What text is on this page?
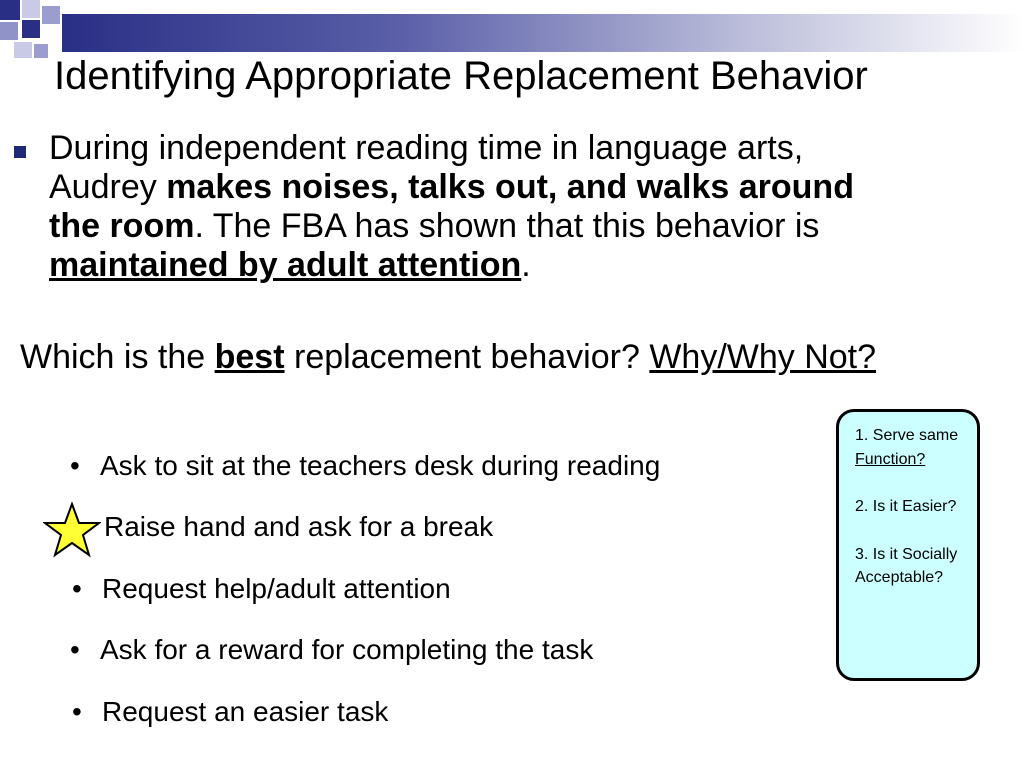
Identifying Appropriate Replacement Behavior
During independent reading time in language arts, Audrey makes noises, talks out, and walks around the room. The FBA has shown that this behavior is maintained by adult attention.
Which is the best replacement behavior? Why/Why Not?
• Ask to sit at the teachers desk during reading
Raise hand and ask for a break
• Request help/adult attention
• Ask for a reward for completing the task
• Request an easier task

1. Serve same Function?

2. Is it Easier?

3. Is it Socially Acceptable?
